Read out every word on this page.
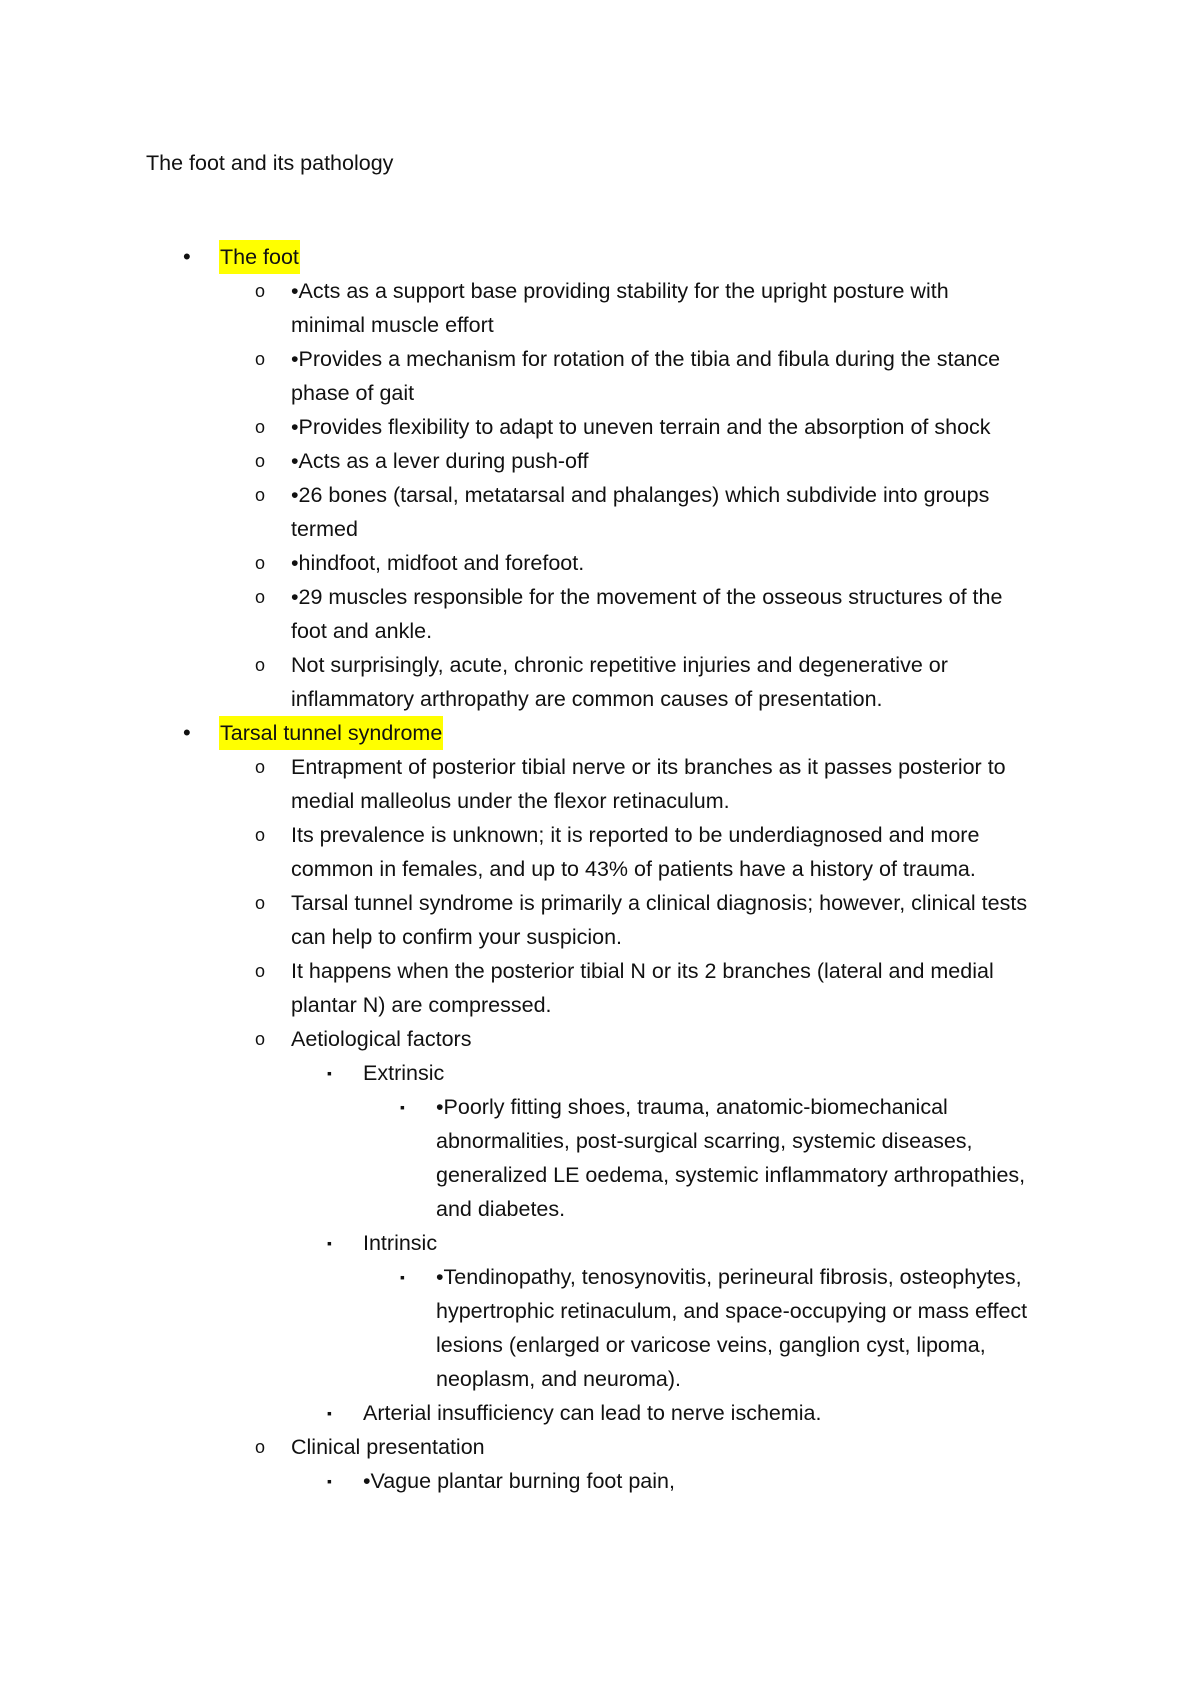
The foot and its pathology
• The foot
o •Acts as a support base providing stability for the upright posture with
minimal muscle effort
o •Provides a mechanism for rotation of the tibia and fibula during the stance
phase of gait
o •Provides flexibility to adapt to uneven terrain and the absorption of shock
o •Acts as a lever during push-off
o •26 bones (tarsal, metatarsal and phalanges) which subdivide into groups
termed
o •hindfoot, midfoot and forefoot.
o •29 muscles responsible for the movement of the osseous structures of the
foot and ankle.
o Not surprisingly, acute, chronic repetitive injuries and degenerative or
inflammatory arthropathy are common causes of presentation.
• Tarsal tunnel syndrome
o Entrapment of posterior tibial nerve or its branches as it passes posterior to
medial malleolus under the flexor retinaculum.
o Its prevalence is unknown; it is reported to be underdiagnosed and more
common in females, and up to 43% of patients have a history of trauma.
o Tarsal tunnel syndrome is primarily a clinical diagnosis; however, clinical tests
can help to confirm your suspicion.
o It happens when the posterior tibial N or its 2 branches (lateral and medial
plantar N) are compressed.
o Aetiological factors
▪ Extrinsic
▪ •Poorly fitting shoes, trauma, anatomic-biomechanical
abnormalities, post-surgical scarring, systemic diseases,
generalized LE oedema, systemic inflammatory arthropathies,
and diabetes.
▪ Intrinsic
▪ •Tendinopathy, tenosynovitis, perineural fibrosis, osteophytes,
hypertrophic retinaculum, and space-occupying or mass effect
lesions (enlarged or varicose veins, ganglion cyst, lipoma,
neoplasm, and neuroma).
▪ Arterial insufficiency can lead to nerve ischemia.
o Clinical presentation
▪ •Vague plantar burning foot pain,
